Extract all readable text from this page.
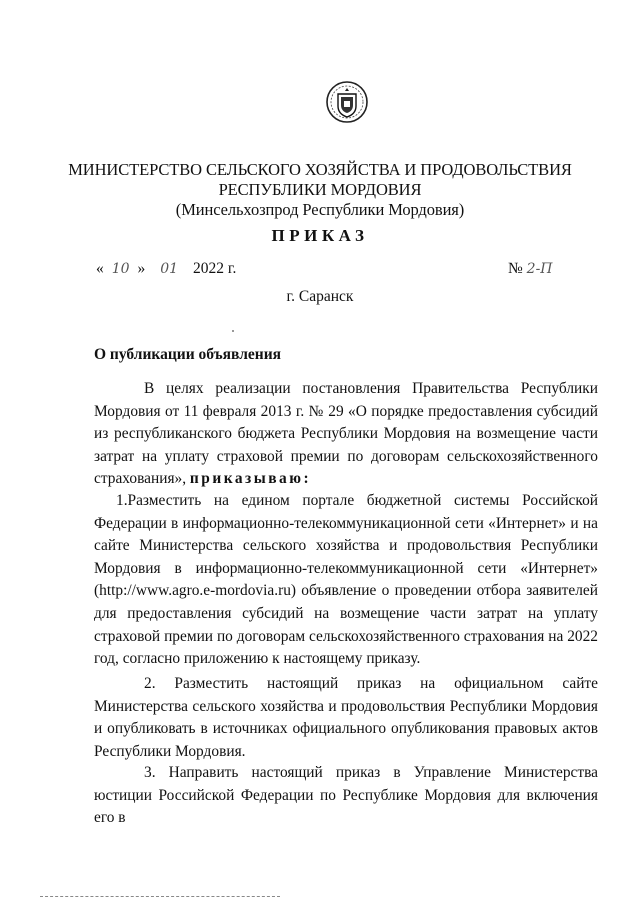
МИНИСТЕРСТВО СЕЛЬСКОГО ХОЗЯЙСТВА И ПРОДОВОЛЬСТВИЯ
РЕСПУБЛИКИ МОРДОВИЯ
(Минсельхозпрод Республики Мордовия)
ПРИКАЗ
« 10 » 01 2022 г.	№ 2-П
г. Саранск
О публикации объявления
В целях реализации постановления Правительства Республики Мордовия от 11 февраля 2013 г. № 29 «О порядке предоставления субсидий из республиканского бюджета Республики Мордовия на возмещение части затрат на уплату страховой премии по договорам сельскохозяйственного страхования», приказываю:
1.Разместить на едином портале бюджетной системы Российской Федерации в информационно-телекоммуникационной сети «Интернет» и на сайте Министерства сельского хозяйства и продовольствия Республики Мордовия в информационно-телекоммуникационной сети «Интернет» (http://www.agro.e-mordovia.ru) объявление о проведении отбора заявителей для предоставления субсидий на возмещение части затрат на уплату страховой премии по договорам сельскохозяйственного страхования на 2022 год, согласно приложению к настоящему приказу.
2. Разместить настоящий приказ на официальном сайте Министерства сельского хозяйства и продовольствия Республики Мордовия и опубликовать в источниках официального опубликования правовых актов Республики Мордовия.
3. Направить настоящий приказ в Управление Министерства юстиции Российской Федерации по Республике Мордовия для включения его в
